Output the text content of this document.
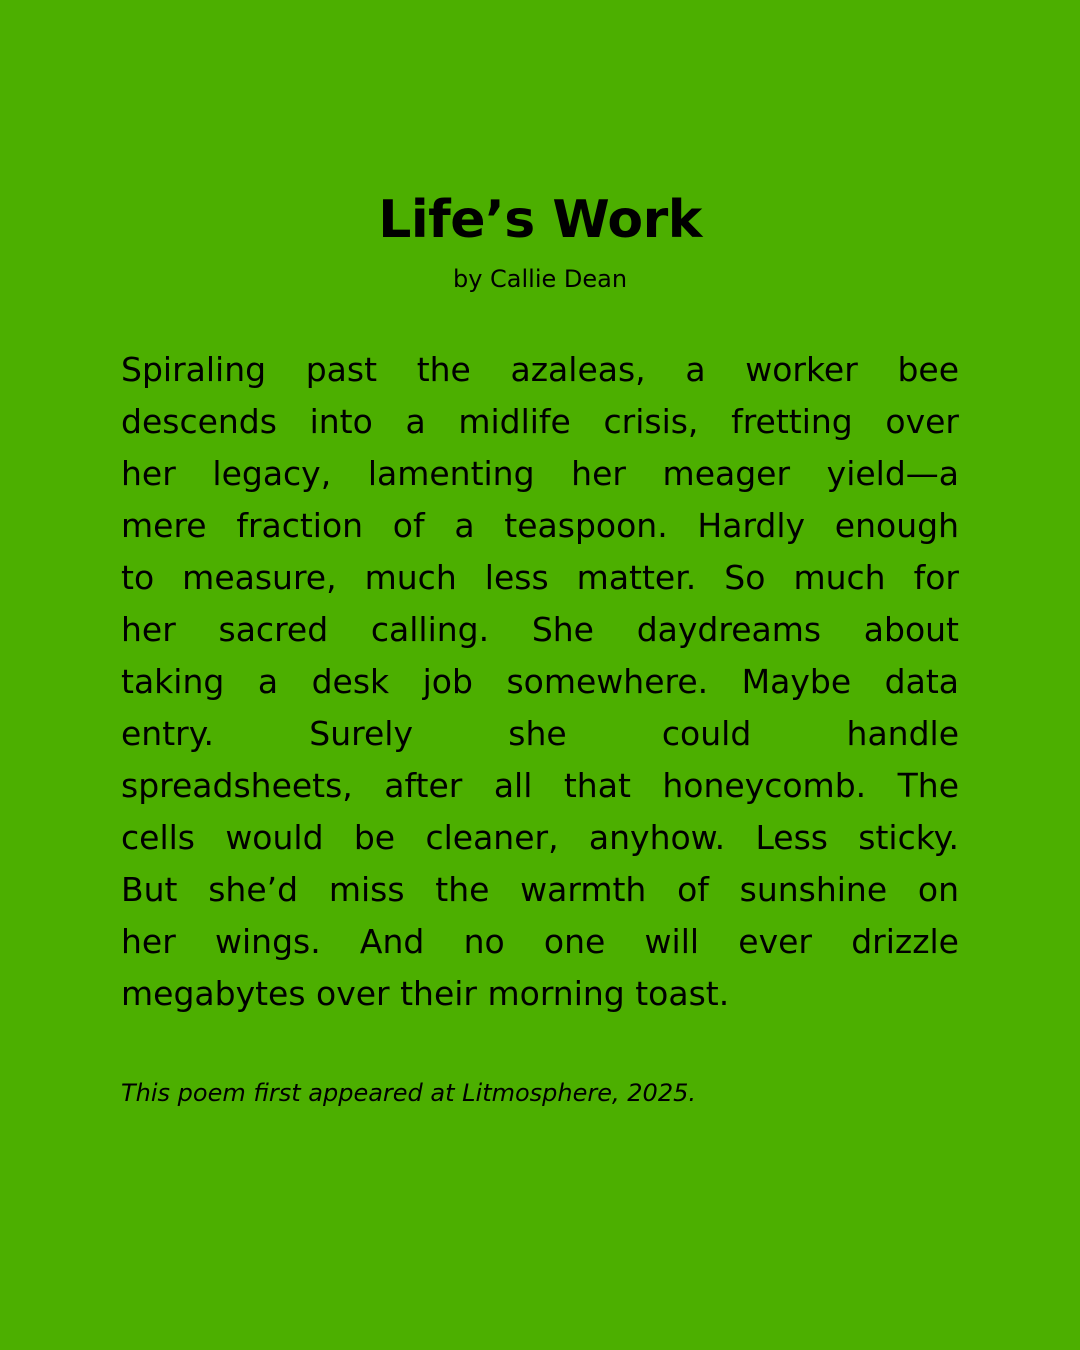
Life’s Work

by Callie Dean

Spiraling past the azaleas, a worker bee
descends into a midlife crisis, fretting over
her legacy, lamenting her meager yield—a
mere fraction of a teaspoon. Hardly enough
to measure, much less matter. So much for
her sacred calling. She daydreams about
taking a desk job somewhere. Maybe data
entry. Surely she could handle
spreadsheets, after all that honeycomb. The
cells would be cleaner, anyhow. Less sticky.
But she’d miss the warmth of sunshine on
her wings. And no one will ever drizzle
megabytes over their morning toast.

This poem first appeared at Litmosphere, 2025.
